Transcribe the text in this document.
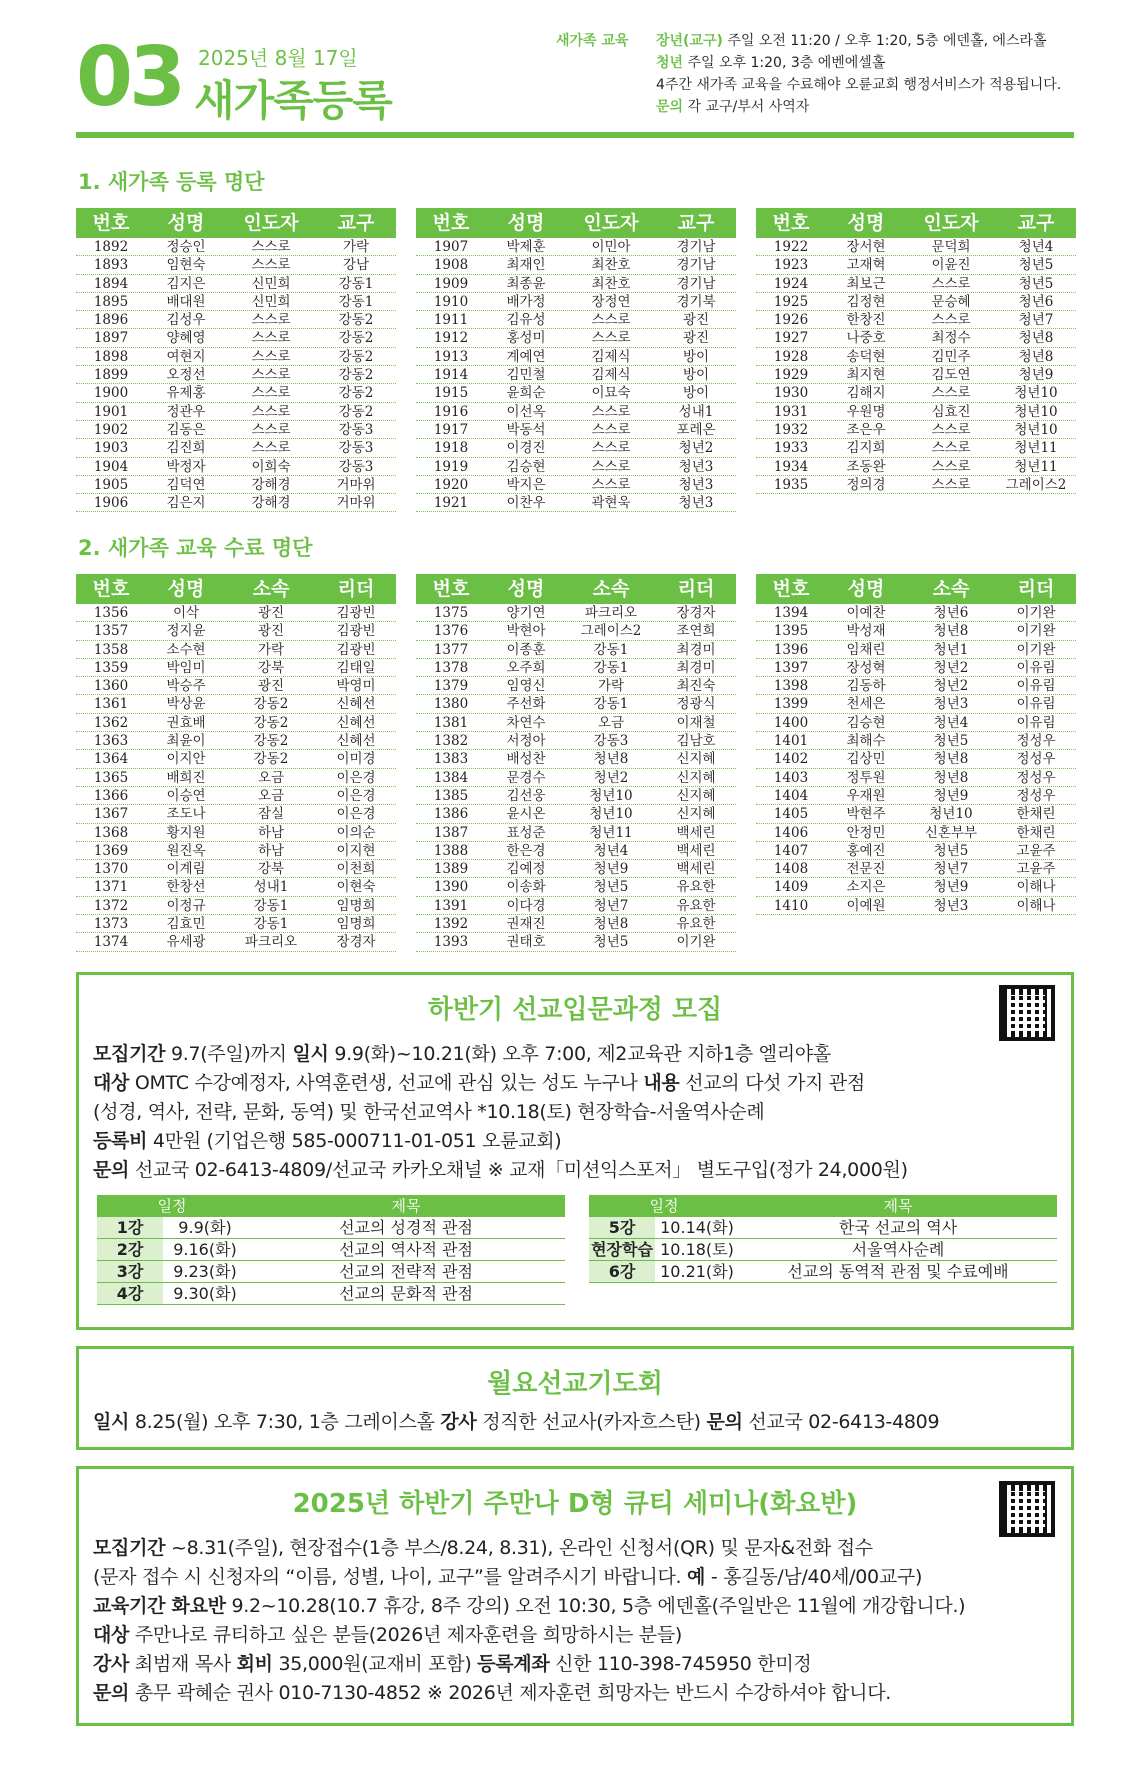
03 2025년 8월 17일
새가족등록
새가족 교육 장년(교구) 주일 오전 11:20 / 오후 1:20, 5층 에덴홀, 에스라홀
청년 주일 오후 1:20, 3층 에벤에셀홀
4주간 새가족 교육을 수료해야 오륜교회 행정서비스가 적용됩니다.
문의 각 교구/부서 사역자
1. 새가족 등록 명단
번호	성명	인도자	교구
1892	정승인	스스로	가락
1893	임현숙	스스로	강남
1894	김지은	신민희	강동1
1895	배대원	신민희	강동1
1896	김성우	스스로	강동2
1897	양혜영	스스로	강동2
1898	여현지	스스로	강동2
1899	오정선	스스로	강동2
1900	유제홍	스스로	강동2
1901	정관우	스스로	강동2
1902	김동은	스스로	강동3
1903	김진희	스스로	강동3
1904	박정자	이희숙	강동3
1905	김덕연	강해경	거마위
1906	김은지	강해경	거마위
번호	성명	인도자	교구
1907	박제훈	이민아	경기남
1908	최재인	최찬호	경기남
1909	최종윤	최찬호	경기남
1910	배가정	장정연	경기북
1911	김유성	스스로	광진
1912	홍성미	스스로	광진
1913	계예연	김제식	방이
1914	김민철	김제식	방이
1915	윤희순	이묘숙	방이
1916	이선옥	스스로	성내1
1917	박동석	스스로	포레온
1918	이경진	스스로	청년2
1919	김승현	스스로	청년3
1920	박지은	스스로	청년3
1921	이찬우	곽현욱	청년3
번호	성명	인도자	교구
1922	장서현	문덕희	청년4
1923	고재혁	이윤진	청년5
1924	최보근	스스로	청년5
1925	김정현	문승혜	청년6
1926	한창진	스스로	청년7
1927	나중호	최정수	청년8
1928	송덕현	김민주	청년8
1929	최지현	김도연	청년9
1930	김해지	스스로	청년10
1931	우원명	심효진	청년10
1932	조은우	스스로	청년10
1933	김지희	스스로	청년11
1934	조동완	스스로	청년11
1935	정의경	스스로	그레이스2
2. 새가족 교육 수료 명단
번호	성명	소속	리더
1356	이삭	광진	김광빈
1357	정지윤	광진	김광빈
1358	소수현	가락	김광빈
1359	박임미	강북	김태일
1360	박승주	광진	박영미
1361	박상윤	강동2	신혜선
1362	권효배	강동2	신혜선
1363	최윤이	강동2	신혜선
1364	이지안	강동2	이미경
1365	배희진	오금	이은경
1366	이승연	오금	이은경
1367	조도나	잠실	이은경
1368	황지원	하남	이의순
1369	원진옥	하남	이지현
1370	이계림	강북	이천희
1371	한창선	성내1	이현숙
1372	이정규	강동1	임명희
1373	김효민	강동1	임명희
1374	유세광	파크리오	장경자
번호	성명	소속	리더
1375	양기연	파크리오	장경자
1376	박현아	그레이스2	조연희
1377	이종훈	강동1	최경미
1378	오주희	강동1	최경미
1379	임영신	가락	최진숙
1380	주선화	강동1	정광식
1381	차연수	오금	이재철
1382	서정아	강동3	김남호
1383	배성찬	청년8	신지혜
1384	문경수	청년2	신지혜
1385	김선웅	청년10	신지혜
1386	윤시온	청년10	신지혜
1387	표성준	청년11	백세린
1388	한은경	청년4	백세린
1389	김예정	청년9	백세린
1390	이송화	청년5	유요한
1391	이다경	청년7	유요한
1392	권재진	청년8	유요한
1393	권태호	청년5	이기완
번호	성명	소속	리더
1394	이예찬	청년6	이기완
1395	박성재	청년8	이기완
1396	임채린	청년1	이기완
1397	장성혁	청년2	이유림
1398	김동하	청년2	이유림
1399	천세은	청년3	이유림
1400	김승현	청년4	이유림
1401	최해수	청년5	정성우
1402	김상민	청년8	정성우
1403	정투원	청년8	정성우
1404	우재원	청년9	정성우
1405	박현주	청년10	한채린
1406	안정민	신혼부부	한채린
1407	홍예진	청년5	고윤주
1408	전문진	청년7	고윤주
1409	소지은	청년9	이해나
1410	이예원	청년3	이해나
하반기 선교입문과정 모집
모집기간 9.7(주일)까지 일시 9.9(화)~10.21(화) 오후 7:00, 제2교육관 지하1층 엘리야홀
대상 OMTC 수강예정자, 사역훈련생, 선교에 관심 있는 성도 누구나 내용 선교의 다섯 가지 관점
(성경, 역사, 전략, 문화, 동역) 및 한국선교역사 *10.18(토) 현장학습-서울역사순례
등록비 4만원 (기업은행 585-000711-01-051 오륜교회)
문의 선교국 02-6413-4809/선교국 카카오채널 ※ 교재「미션익스포저」 별도구입(정가 24,000원)
일정	제목
1강	9.9(화)	선교의 성경적 관점
2강	9.16(화)	선교의 역사적 관점
3강	9.23(화)	선교의 전략적 관점
4강	9.30(화)	선교의 문화적 관점
일정	제목
5강	10.14(화)	한국 선교의 역사
현장학습 10.18(토)	서울역사순례
6강	10.21(화)	선교의 동역적 관점 및 수료예배
월요선교기도회
일시 8.25(월) 오후 7:30, 1층 그레이스홀 강사 정직한 선교사(카자흐스탄) 문의 선교국 02-6413-4809
2025년 하반기 주만나 D형 큐티 세미나(화요반)
모집기간 ~8.31(주일), 현장접수(1층 부스/8.24, 8.31), 온라인 신청서(QR) 및 문자&전화 접수
(문자 접수 시 신청자의 “이름, 성별, 나이, 교구”를 알려주시기 바랍니다. 예 - 홍길동/남/40세/00교구)
교육기간 화요반 9.2~10.28(10.7 휴강, 8주 강의) 오전 10:30, 5층 에덴홀(주일반은 11월에 개강합니다.)
대상 주만나로 큐티하고 싶은 분들(2026년 제자훈련을 희망하시는 분들)
강사 최범재 목사 회비 35,000원(교재비 포함) 등록계좌 신한 110-398-745950 한미정
문의 총무 곽혜순 권사 010-7130-4852 ※ 2026년 제자훈련 희망자는 반드시 수강하셔야 합니다.
